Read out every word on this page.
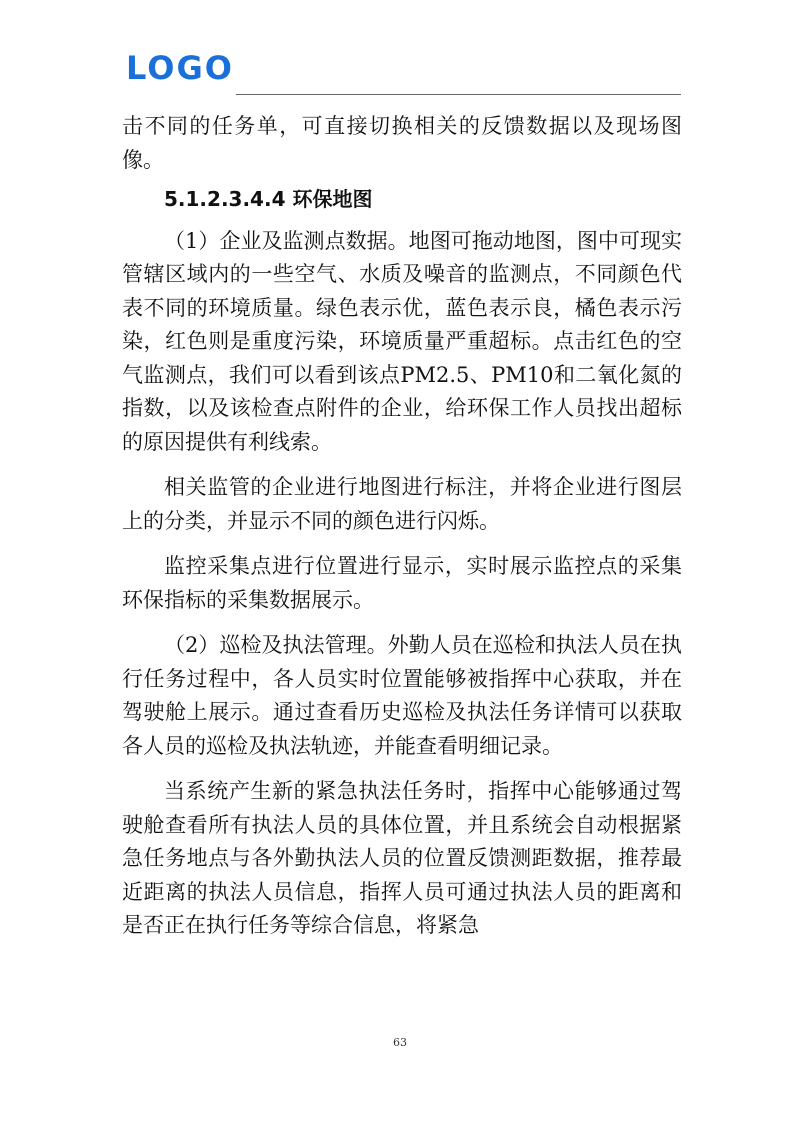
LOGO

击不同的任务单，可直接切换相关的反馈数据以及现场图像。

5.1.2.3.4.4 环保地图

（1）企业及监测点数据。地图可拖动地图，图中可现实管辖区域内的一些空气、水质及噪音的监测点，不同颜色代表不同的环境质量。绿色表示优，蓝色表示良，橘色表示污染，红色则是重度污染，环境质量严重超标。点击红色的空气监测点，我们可以看到该点PM2.5、PM10和二氧化氮的指数，以及该检查点附件的企业，给环保工作人员找出超标的原因提供有利线索。

相关监管的企业进行地图进行标注，并将企业进行图层上的分类，并显示不同的颜色进行闪烁。

监控采集点进行位置进行显示，实时展示监控点的采集环保指标的采集数据展示。

（2）巡检及执法管理。外勤人员在巡检和执法人员在执行任务过程中，各人员实时位置能够被指挥中心获取，并在驾驶舱上展示。通过查看历史巡检及执法任务详情可以获取各人员的巡检及执法轨迹，并能查看明细记录。

当系统产生新的紧急执法任务时，指挥中心能够通过驾驶舱查看所有执法人员的具体位置，并且系统会自动根据紧急任务地点与各外勤执法人员的位置反馈测距数据，推荐最近距离的执法人员信息，指挥人员可通过执法人员的距离和是否正在执行任务等综合信息，将紧急

63
